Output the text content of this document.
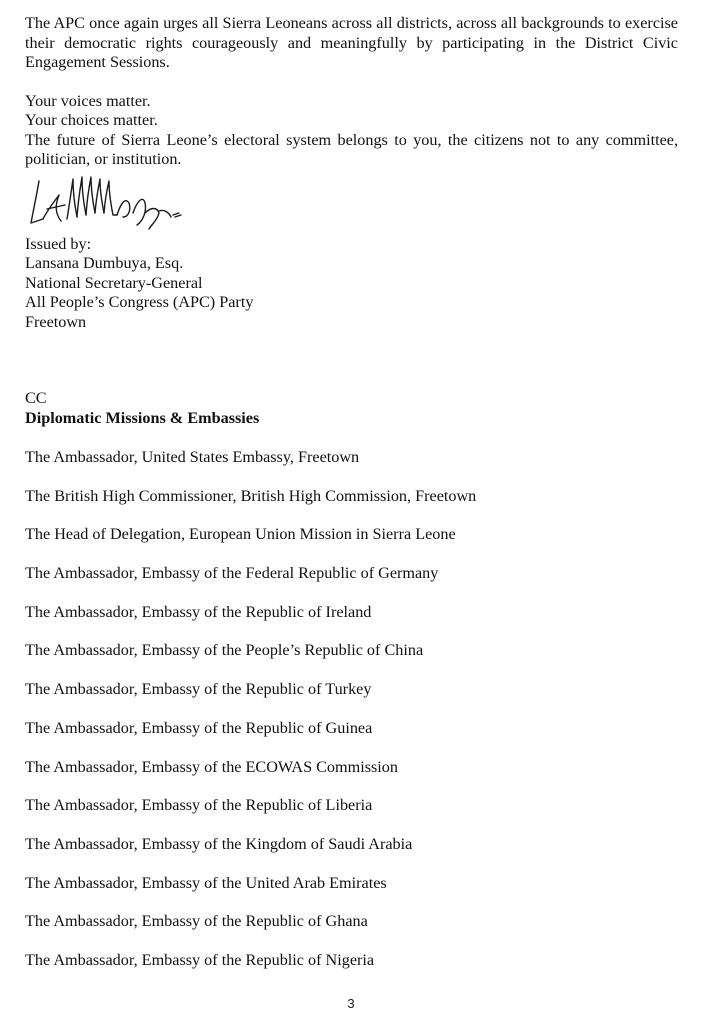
The APC once again urges all Sierra Leoneans across all districts, across all backgrounds to exercise their democratic rights courageously and meaningfully by participating in the District Civic Engagement Sessions.

Your voices matter.
Your choices matter.

The future of Sierra Leone’s electoral system belongs to you, the citizens not to any committee, politician, or institution.

Issued by:
Lansana Dumbuya, Esq.
National Secretary-General
All People’s Congress (APC) Party
Freetown
CC
Diplomatic Missions & Embassies
The Ambassador, United States Embassy, Freetown
The British High Commissioner, British High Commission, Freetown
The Head of Delegation, European Union Mission in Sierra Leone
The Ambassador, Embassy of the Federal Republic of Germany
The Ambassador, Embassy of the Republic of Ireland
The Ambassador, Embassy of the People’s Republic of China
The Ambassador, Embassy of the Republic of Turkey
The Ambassador, Embassy of the Republic of Guinea
The Ambassador, Embassy of the ECOWAS Commission
The Ambassador, Embassy of the Republic of Liberia
The Ambassador, Embassy of the Kingdom of Saudi Arabia
The Ambassador, Embassy of the United Arab Emirates
The Ambassador, Embassy of the Republic of Ghana
The Ambassador, Embassy of the Republic of Nigeria
3
